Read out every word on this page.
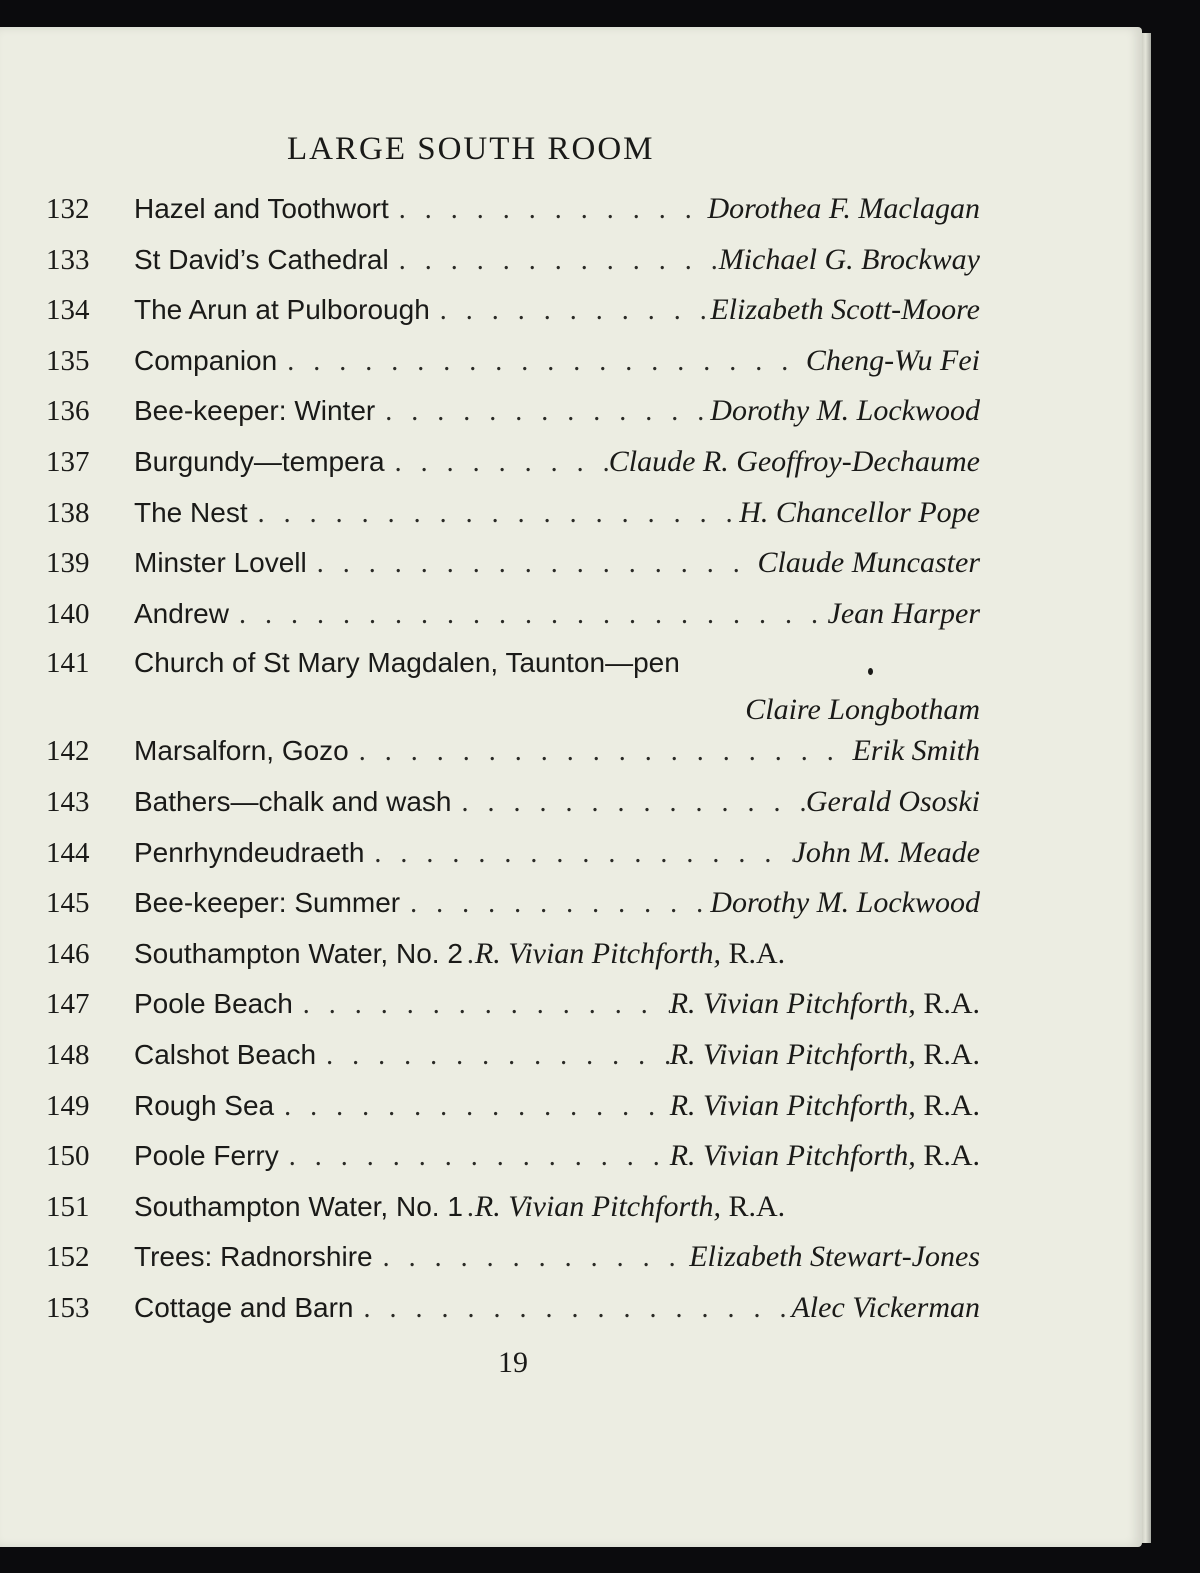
LARGE SOUTH ROOM
132	Hazel and Toothwort . . .	Dorothea F. Maclagan
133	St David’s Cathedral . . .	Michael G. Brockway
134	The Arun at Pulborough . . .	Elizabeth Scott-Moore
135	Companion . . .	Cheng-Wu Fei
136	Bee-keeper: Winter . . .	Dorothy M. Lockwood
137	Burgundy—tempera . . .	Claude R. Geoffroy-Dechaume
138	The Nest . . .	H. Chancellor Pope
139	Minster Lovell . . .	Claude Muncaster
140	Andrew . . .	Jean Harper
141	Church of St Mary Magdalen, Taunton—pen
Claire Longbotham
142	Marsalforn, Gozo . . .	Erik Smith
143	Bathers—chalk and wash . . .	Gerald Ososki
144	Penrhyndeudraeth . . .	John M. Meade
145	Bee-keeper: Summer . . .	Dorothy M. Lockwood
146	Southampton Water, No. 2 . . . R. Vivian Pitchforth, R.A.
147	Poole Beach . . .	R. Vivian Pitchforth, R.A.
148	Calshot Beach . . .	R. Vivian Pitchforth, R.A.
149	Rough Sea . . .	R. Vivian Pitchforth, R.A.
150	Poole Ferry . . .	R. Vivian Pitchforth, R.A.
151	Southampton Water, No. 1 . . . R. Vivian Pitchforth, R.A.
152	Trees: Radnorshire . . .	Elizabeth Stewart-Jones
153	Cottage and Barn . . .	Alec Vickerman
19
